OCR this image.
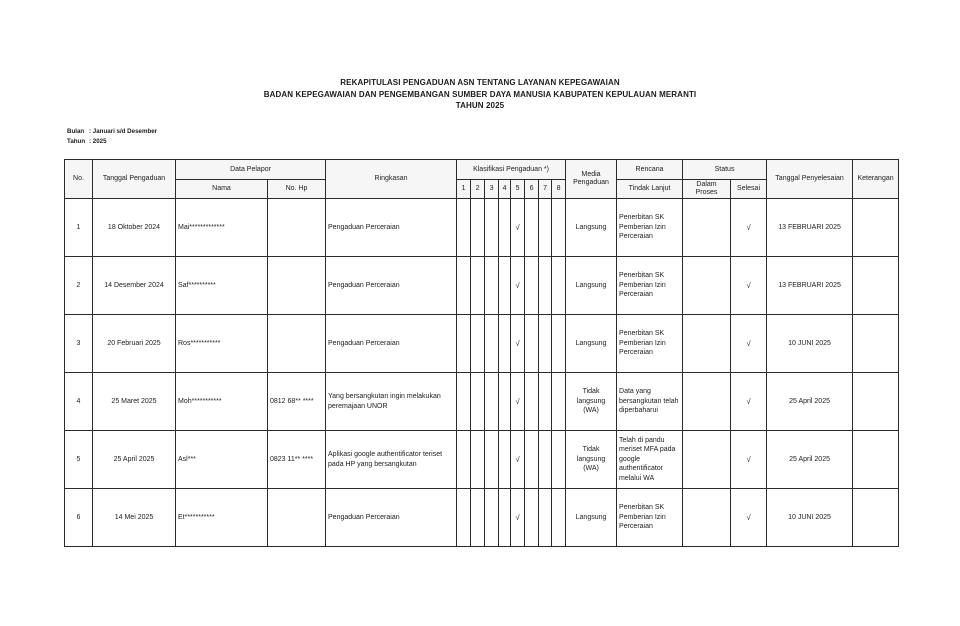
REKAPITULASI PENGADUAN ASN TENTANG LAYANAN KEPEGAWAIAN
BADAN KEPEGAWAIAN DAN PENGEMBANGAN SUMBER DAYA MANUSIA KABUPATEN KEPULAUAN MERANTI
TAHUN 2025
Bulan : Januari s/d Desember
Tahun : 2025
No.	Tanggal Pengaduan	Data Pelapor		Ringkasan	Klasifikasi Pengaduan *)								Media Pengaduan	Rencana	Status		Tanggal Penyelesaian	Keterangan
		Nama	No. Hp		1	2	3	4	5	6	7	8		Tindak Lanjut	Dalam Proses	Selesai		
1	18 Oktober 2024	Mai*************		Pengaduan Perceraian					√				Langsung	Penerbitan SK Pemberian Izin Perceraian		√	13 FEBRUARI 2025	
2	14 Desember 2024	Saf**********		Pengaduan Perceraian					√				Langsung	Penerbitan SK Pemberian Izin Perceraian		√	13 FEBRUARI 2025	
3	20 Februari 2025	Ros***********		Pengaduan Perceraian					√				Langsung	Penerbitan SK Pemberian Izin Perceraian		√	10 JUNI 2025	
4	25 Maret 2025	Moh***********	0812 68** ****	Yang bersangkutan ingin melakukan peremajaan UNOR					√				Tidak langsung (WA)	Data yang bersangkutan telah diperbaharui		√	25 April 2025	
5	25 April 2025	Asl***	0823 11** ****	Aplikasi google authentificator teriset pada HP yang bersangkutan					√				Tidak langsung (WA)	Telah di pandu meriset MFA pada google authentificator melalui WA		√	25 April 2025	
6	14 Mei 2025	Et***********		Pengaduan Perceraian					√				Langsung	Penerbitan SK Pemberian Izin Perceraian		√	10 JUNI 2025	
